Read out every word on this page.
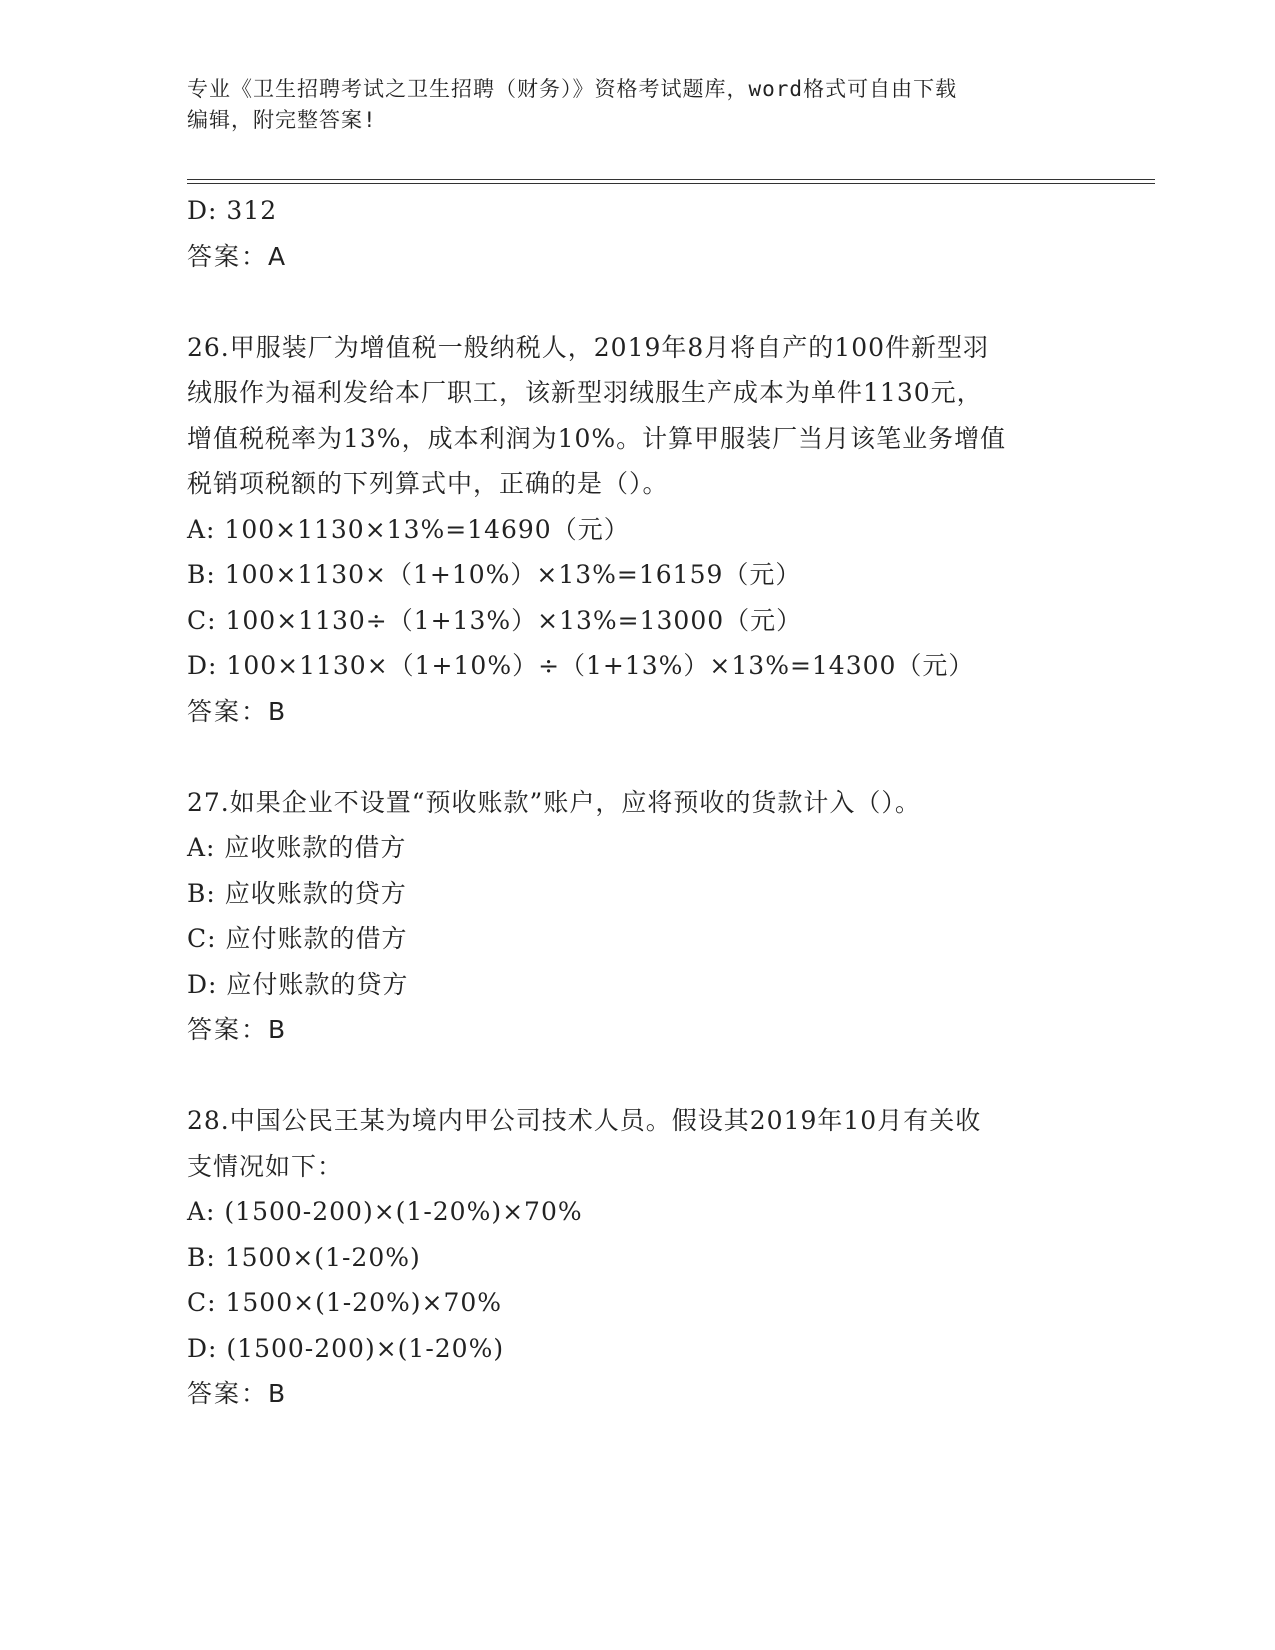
专业《卫生招聘考试之卫生招聘（财务）》资格考试题库，word格式可自由下载
编辑，附完整答案!
D: 312
答案：A
26.甲服装厂为增值税一般纳税人，2019年8月将自产的100件新型羽
绒服作为福利发给本厂职工，该新型羽绒服生产成本为单件1130元，
增值税税率为13%，成本利润为10%。计算甲服装厂当月该笔业务增值
税销项税额的下列算式中，正确的是（）。
A: 100×1130×13%=14690（元）
B: 100×1130×（1+10%）×13%=16159（元）
C: 100×1130÷（1+13%）×13%=13000（元）
D: 100×1130×（1+10%）÷（1+13%）×13%=14300（元）
答案：B
27.如果企业不设置“预收账款”账户，应将预收的货款计入（）。
A: 应收账款的借方
B: 应收账款的贷方
C: 应付账款的借方
D: 应付账款的贷方
答案：B
28.中国公民王某为境内甲公司技术人员。假设其2019年10月有关收
支情况如下：
A: (1500-200)×(1-20%)×70%
B: 1500×(1-20%)
C: 1500×(1-20%)×70%
D: (1500-200)×(1-20%)
答案：B
